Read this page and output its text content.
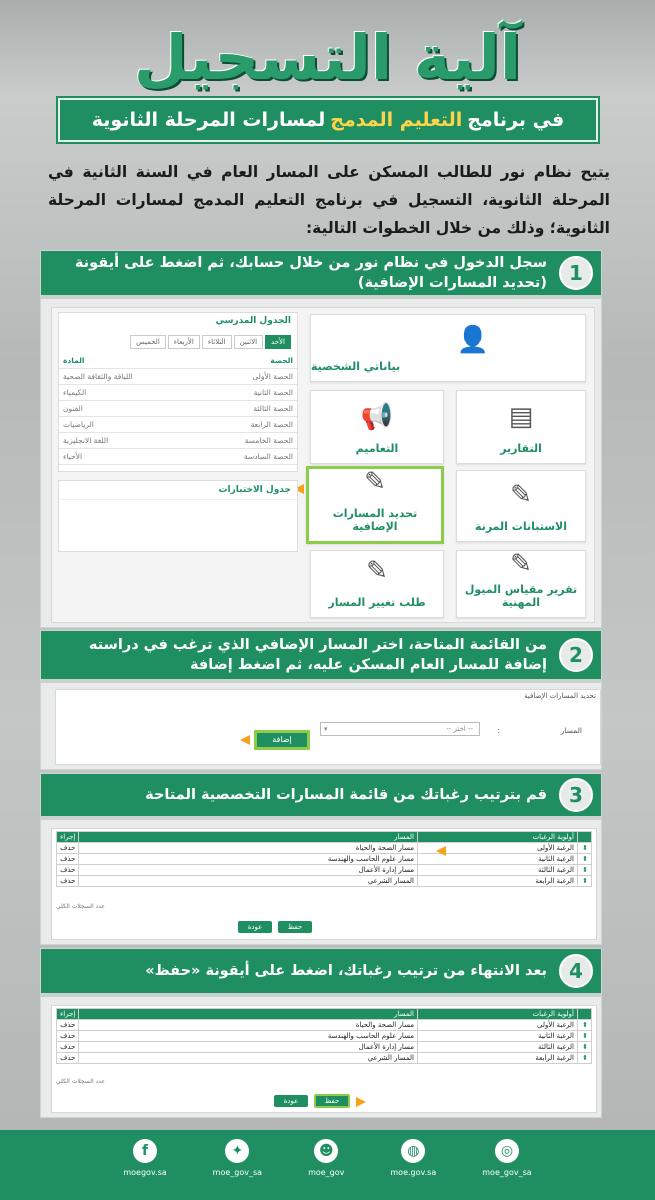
آلية التسجيل
في برنامج
التعليم المدمج
لمسارات المرحلة الثانوية
يتيح نظام نور للطالب المسكن على المسار العام في السنة الثانية في المرحلة الثانوية، التسجيل في برنامج التعليم المدمج لمسارات المرحلة الثانوية؛ وذلك من خلال الخطوات التالية:
1
سجل الدخول في نظام نور من خلال حسابك، ثم اضغط على أيقونة (تحديد المسارات الإضافية)
👤
بياناتي الشخصية
▤
التقارير
📢
التعاميم
✎
الاستبانات المرنة
✎
تحديد المسارات الإضافية
✎
تقرير مقياس الميول المهنية
✎
طلب تغيير المسار
الجدول المدرسي
الأحدالاثنينالثلاثاءالأربعاءالخميس
الحصة	المادة
الحصة الأولى	اللياقة والثقافة الصحية
الحصة الثانية	الكيمياء
الحصة الثالثة	الفنون
الحصة الرابعة	الرياضيات
الحصة الخامسة	اللغة الانجليزية
الحصة السادسة	الأحياء
جدول الاختبارات
2
من القائمة المتاحة، اختر المسار الإضافي الذي ترغب في دراسته إضافة للمسار العام المسكن عليه، ثم اضغط إضافة
تحديد المسارات الإضافية
المسار
:
-- اختر --
▾
إضافة
3
قم بترتيب رغباتك من قائمة المسارات التخصصية المتاحة
	أولوية الرغبات	المسار	إجراء
⬍	الرغبة الأولى	مسار الصحة والحياة	حذف
⬍	الرغبة الثانية	مسار علوم الحاسب والهندسة	حذف
⬍	الرغبة الثالثة	مسار إدارة الأعمال	حذف
⬍	الرغبة الرابعة	المسار الشرعي	حذف
عدد السجلات الكلي
حفظ
عودة
4
بعد الانتهاء من ترتيب رغباتك، اضغط على أيقونة «حفظ»
	أولوية الرغبات	المسار	إجراء
⬍	الرغبة الأولى	مسار الصحة والحياة	حذف
⬍	الرغبة الثانية	مسار علوم الحاسب والهندسة	حذف
⬍	الرغبة الثالثة	مسار إدارة الأعمال	حذف
⬍	الرغبة الرابعة	المسار الشرعي	حذف
عدد السجلات الكلي
حفظ
عودة
◎
moe_gov_sa
◍
moe.gov.sa
☻
moe_gov
✦
moe_gov_sa
f
moegov.sa
